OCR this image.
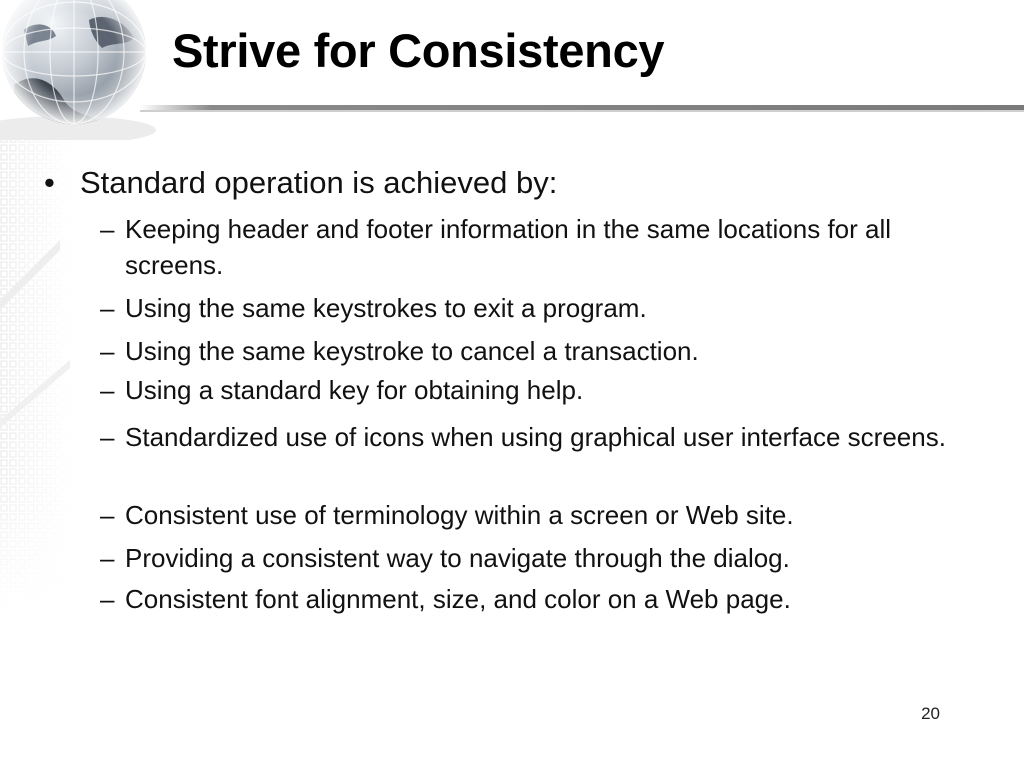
Strive for Consistency
• Standard operation is achieved by:
– Keeping header and footer information in the same locations for all screens.
– Using the same keystrokes to exit a program.
– Using the same keystroke to cancel a transaction.
– Using a standard key for obtaining help.
– Standardized use of icons when using graphical user interface screens.
– Consistent use of terminology within a screen or Web site.
– Providing a consistent way to navigate through the dialog.
– Consistent font alignment, size, and color on a Web page.
20
